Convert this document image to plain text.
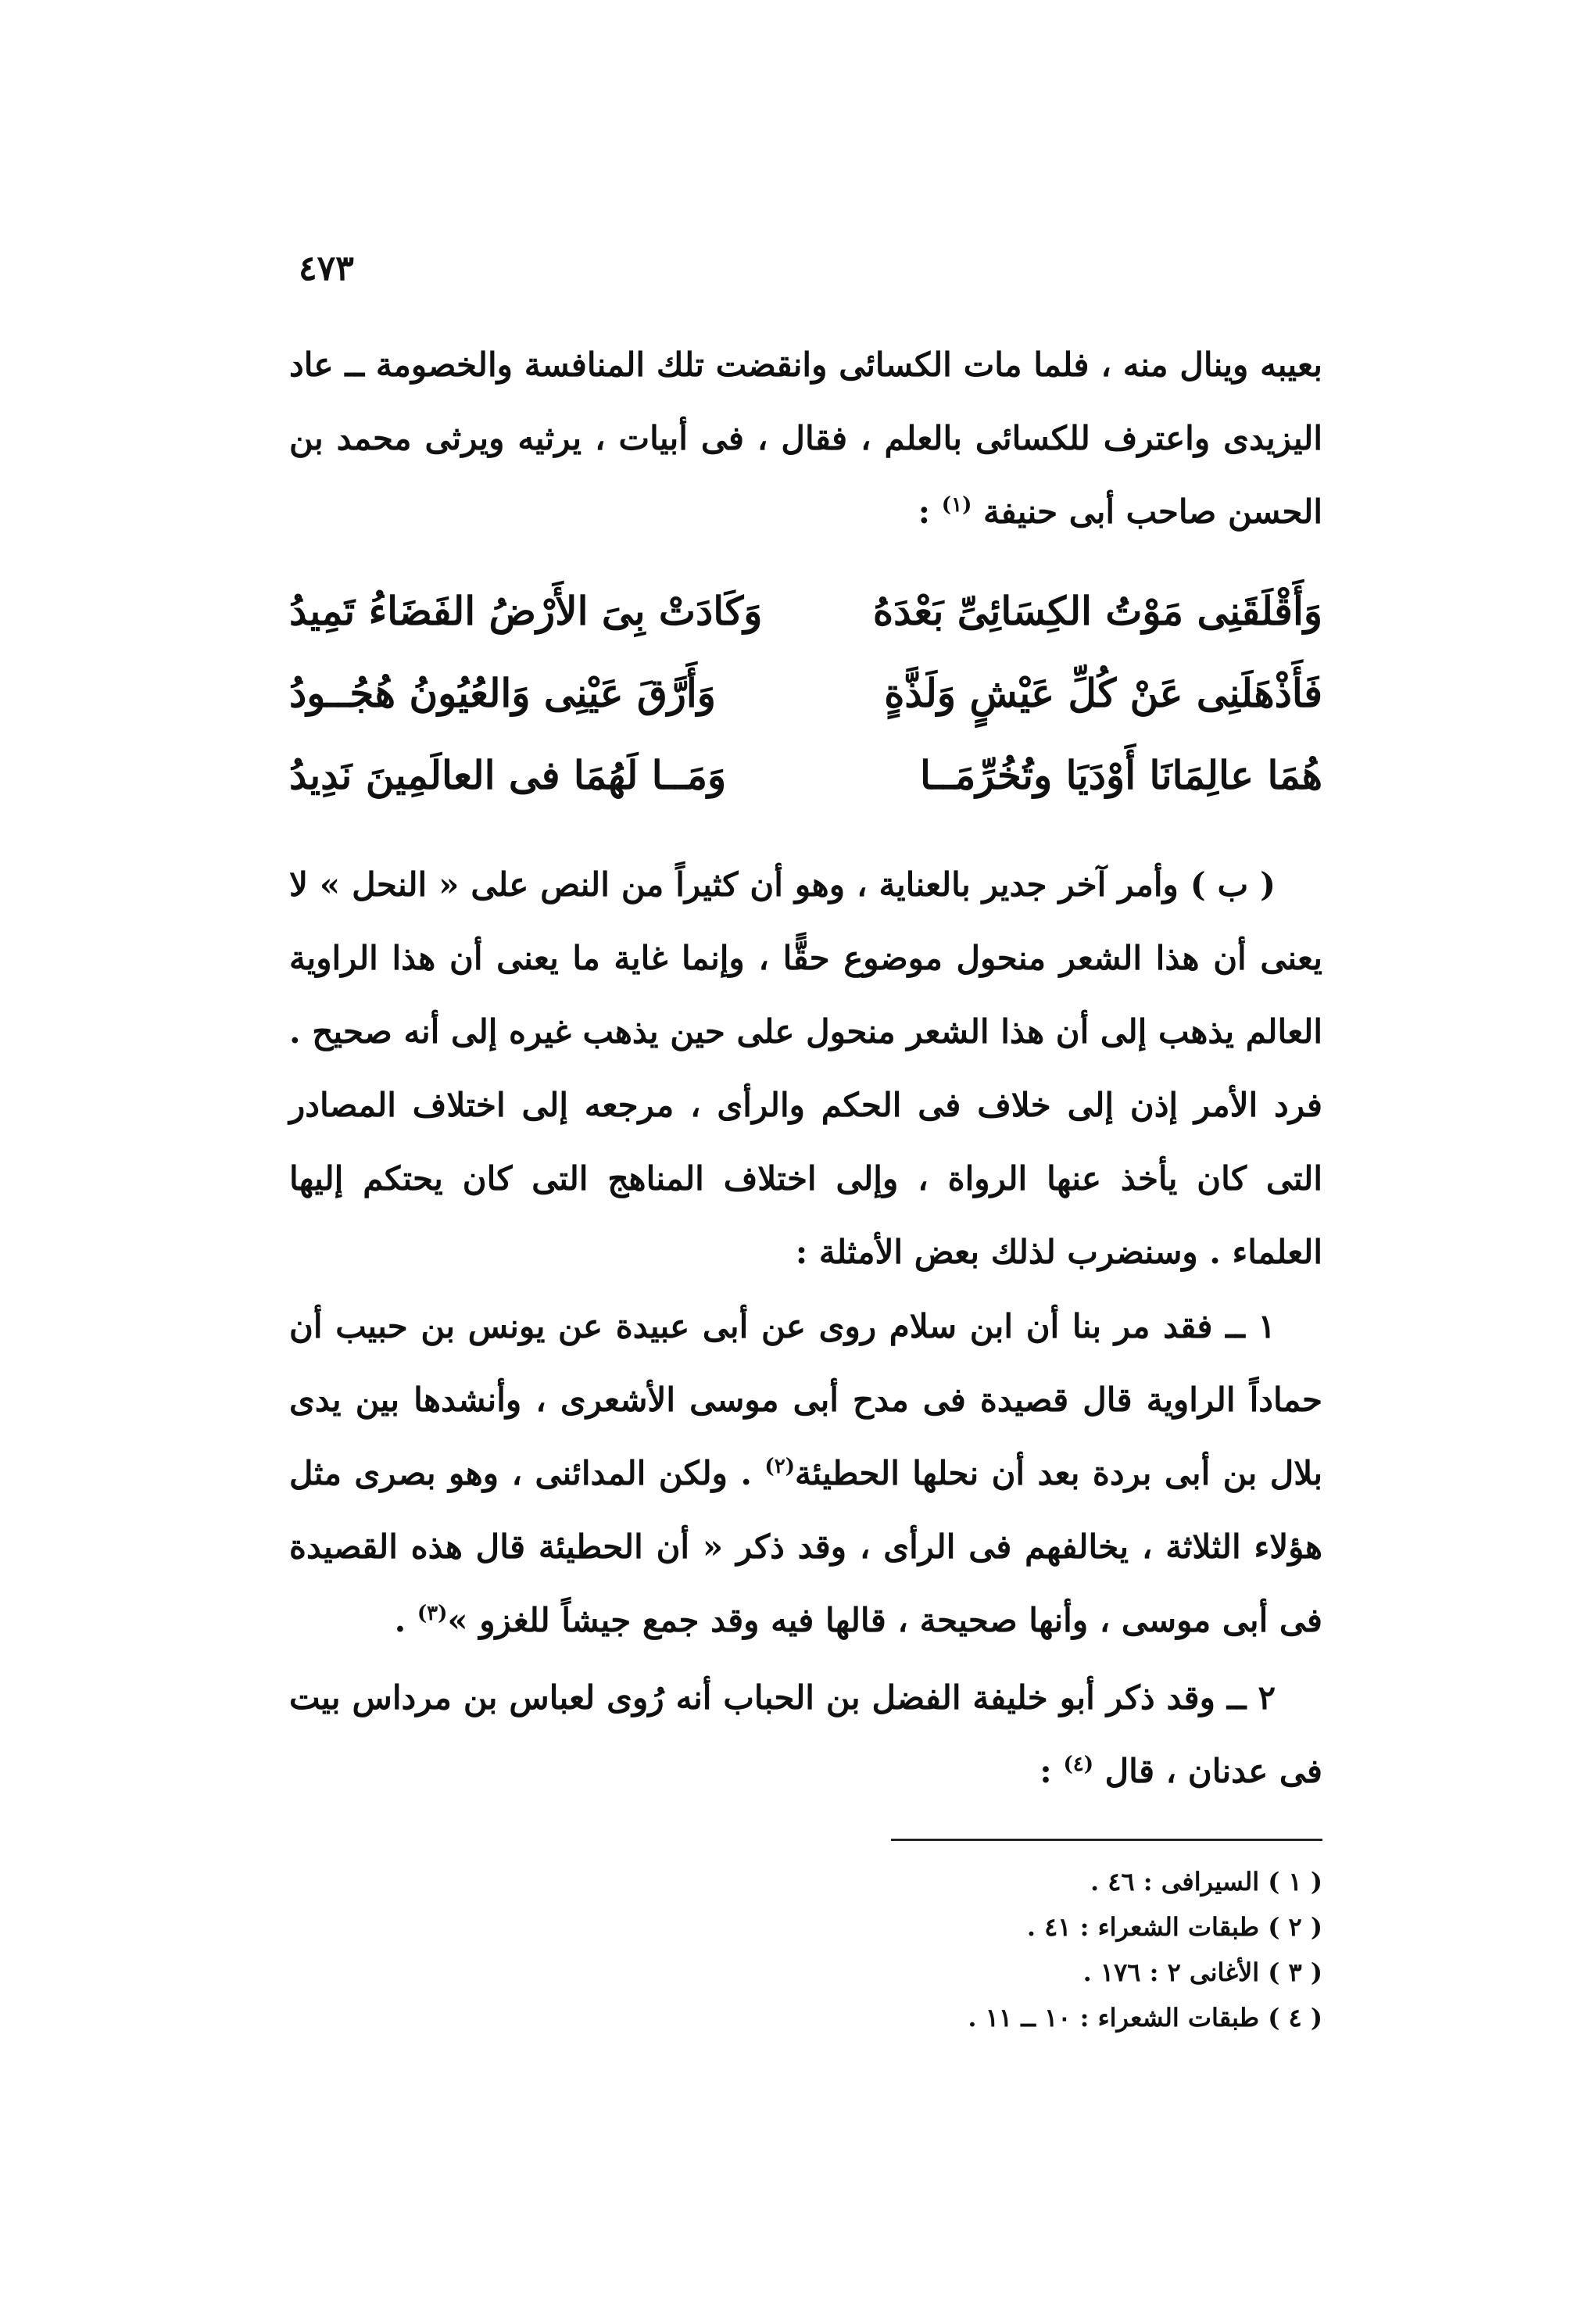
٤٧٣

بعيبه وينال منه ، فلما مات الكسائى وانقضت تلك المنافسة والخصومة ــ عاد اليزيدى واعترف للكسائى بالعلم ، فقال ، فى أبيات ، يرثيه ويرثى محمد بن الحسن صاحب أبى حنيفة $^{(١)}$ :

وَأَقْلَقَنِى مَوْتُ الكِسَائِىِّ بَعْدَهُ
وَكَادَتْ بِىَ الأَرْضُ الفَضَاءُ تَمِيدُ
فَأَذْهَلَنِى عَنْ كُلِّ عَيْشٍ وَلَذَّةٍ
وَأَرَّقَ عَيْنِى وَالعُيُونُ هُجُــودُ
هُمَا عالِمَانَا أَوْدَيَا وتُخُرِّمَــا
وَمَــا لَهُمَا فى العالَمِينَ نَدِيدُ

( ب ) وأمر آخر جدير بالعناية ، وهو أن كثيراً من النص على « النحل » لا يعنى أن هذا الشعر منحول موضوع حقًّا ، وإنما غاية ما يعنى أن هذا الراوية العالم يذهب إلى أن هذا الشعر منحول على حين يذهب غيره إلى أنه صحيح . فرد الأمر إذن إلى خلاف فى الحكم والرأى ، مرجعه إلى اختلاف المصادر التى كان يأخذ عنها الرواة ، وإلى اختلاف المناهج التى كان يحتكم إليها العلماء . وسنضرب لذلك بعض الأمثلة :

١ ــ فقد مر بنا أن ابن سلام روى عن أبى عبيدة عن يونس بن حبيب أن حماداً الراوية قال قصيدة فى مدح أبى موسى الأشعرى ، وأنشدها بين يدى بلال بن أبى بردة بعد أن نحلها الحطيئة$^{(٢)}$ . ولكن المدائنى ، وهو بصرى مثل هؤلاء الثلاثة ، يخالفهم فى الرأى ، وقد ذكر « أن الحطيئة قال هذه القصيدة فى أبى موسى ، وأنها صحيحة ، قالها فيه وقد جمع جيشاً للغزو »$^{(٣)}$ .

٢ ــ وقد ذكر أبو خليفة الفضل بن الحباب أنه رُوى لعباس بن مرداس بيت فى عدنان ، قال $^{(٤)}$ :

( ١ ) السيرافى : ٤٦ .
( ٢ ) طبقات الشعراء : ٤١ .
( ٣ ) الأغانى ٢ : ١٧٦ .
( ٤ ) طبقات الشعراء : ١٠ ــ ١١ .
